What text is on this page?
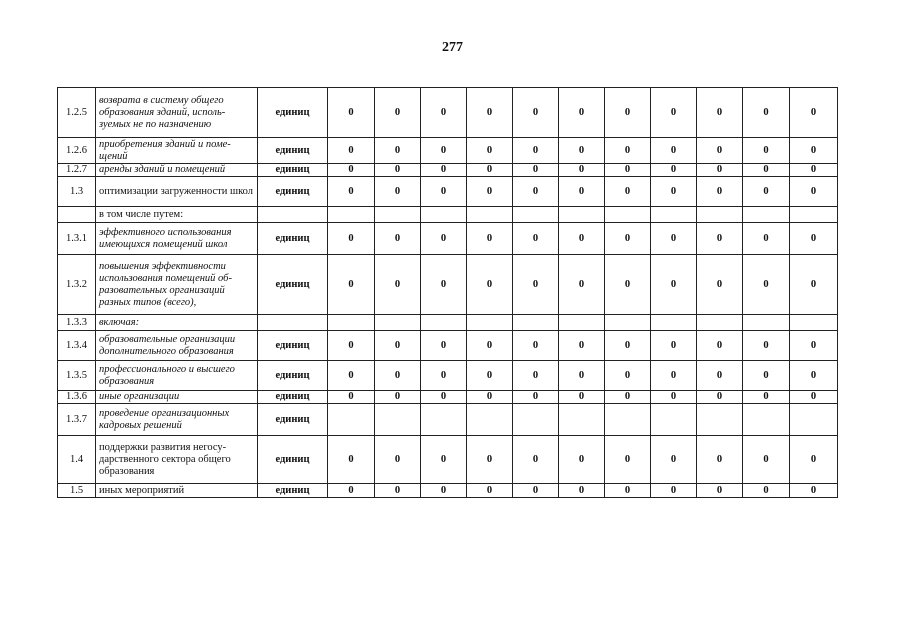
277
1.2.5	возврата в систему общего образования зданий, исполь-зуемых не по назначению	единиц	0	0	0	0	0	0	0	0	0	0	0
1.2.6	приобретения зданий и поме-щений	единиц	0	0	0	0	0	0	0	0	0	0	0
1.2.7	аренды зданий и помещений	единиц	0	0	0	0	0	0	0	0	0	0	0
1.3	оптимизации загруженности школ	единиц	0	0	0	0	0	0	0	0	0	0	0
	в том числе путем:												
1.3.1	эффективного использования имеющихся помещений школ	единиц	0	0	0	0	0	0	0	0	0	0	0
1.3.2	повышения эффективности использования помещений об-разовательных организаций разных типов (всего),	единиц	0	0	0	0	0	0	0	0	0	0	0
1.3.3	включая:												
1.3.4	образовательные организации дополнительного образования	единиц	0	0	0	0	0	0	0	0	0	0	0
1.3.5	профессионального и высшего образования	единиц	0	0	0	0	0	0	0	0	0	0	0
1.3.6	иные организации	единиц	0	0	0	0	0	0	0	0	0	0	0
1.3.7	проведение организационных кадровых решений	единиц											
1.4	поддержки развития негосу-дарственного сектора общего образования	единиц	0	0	0	0	0	0	0	0	0	0	0
1.5	иных мероприятий	единиц	0	0	0	0	0	0	0	0	0	0	0
